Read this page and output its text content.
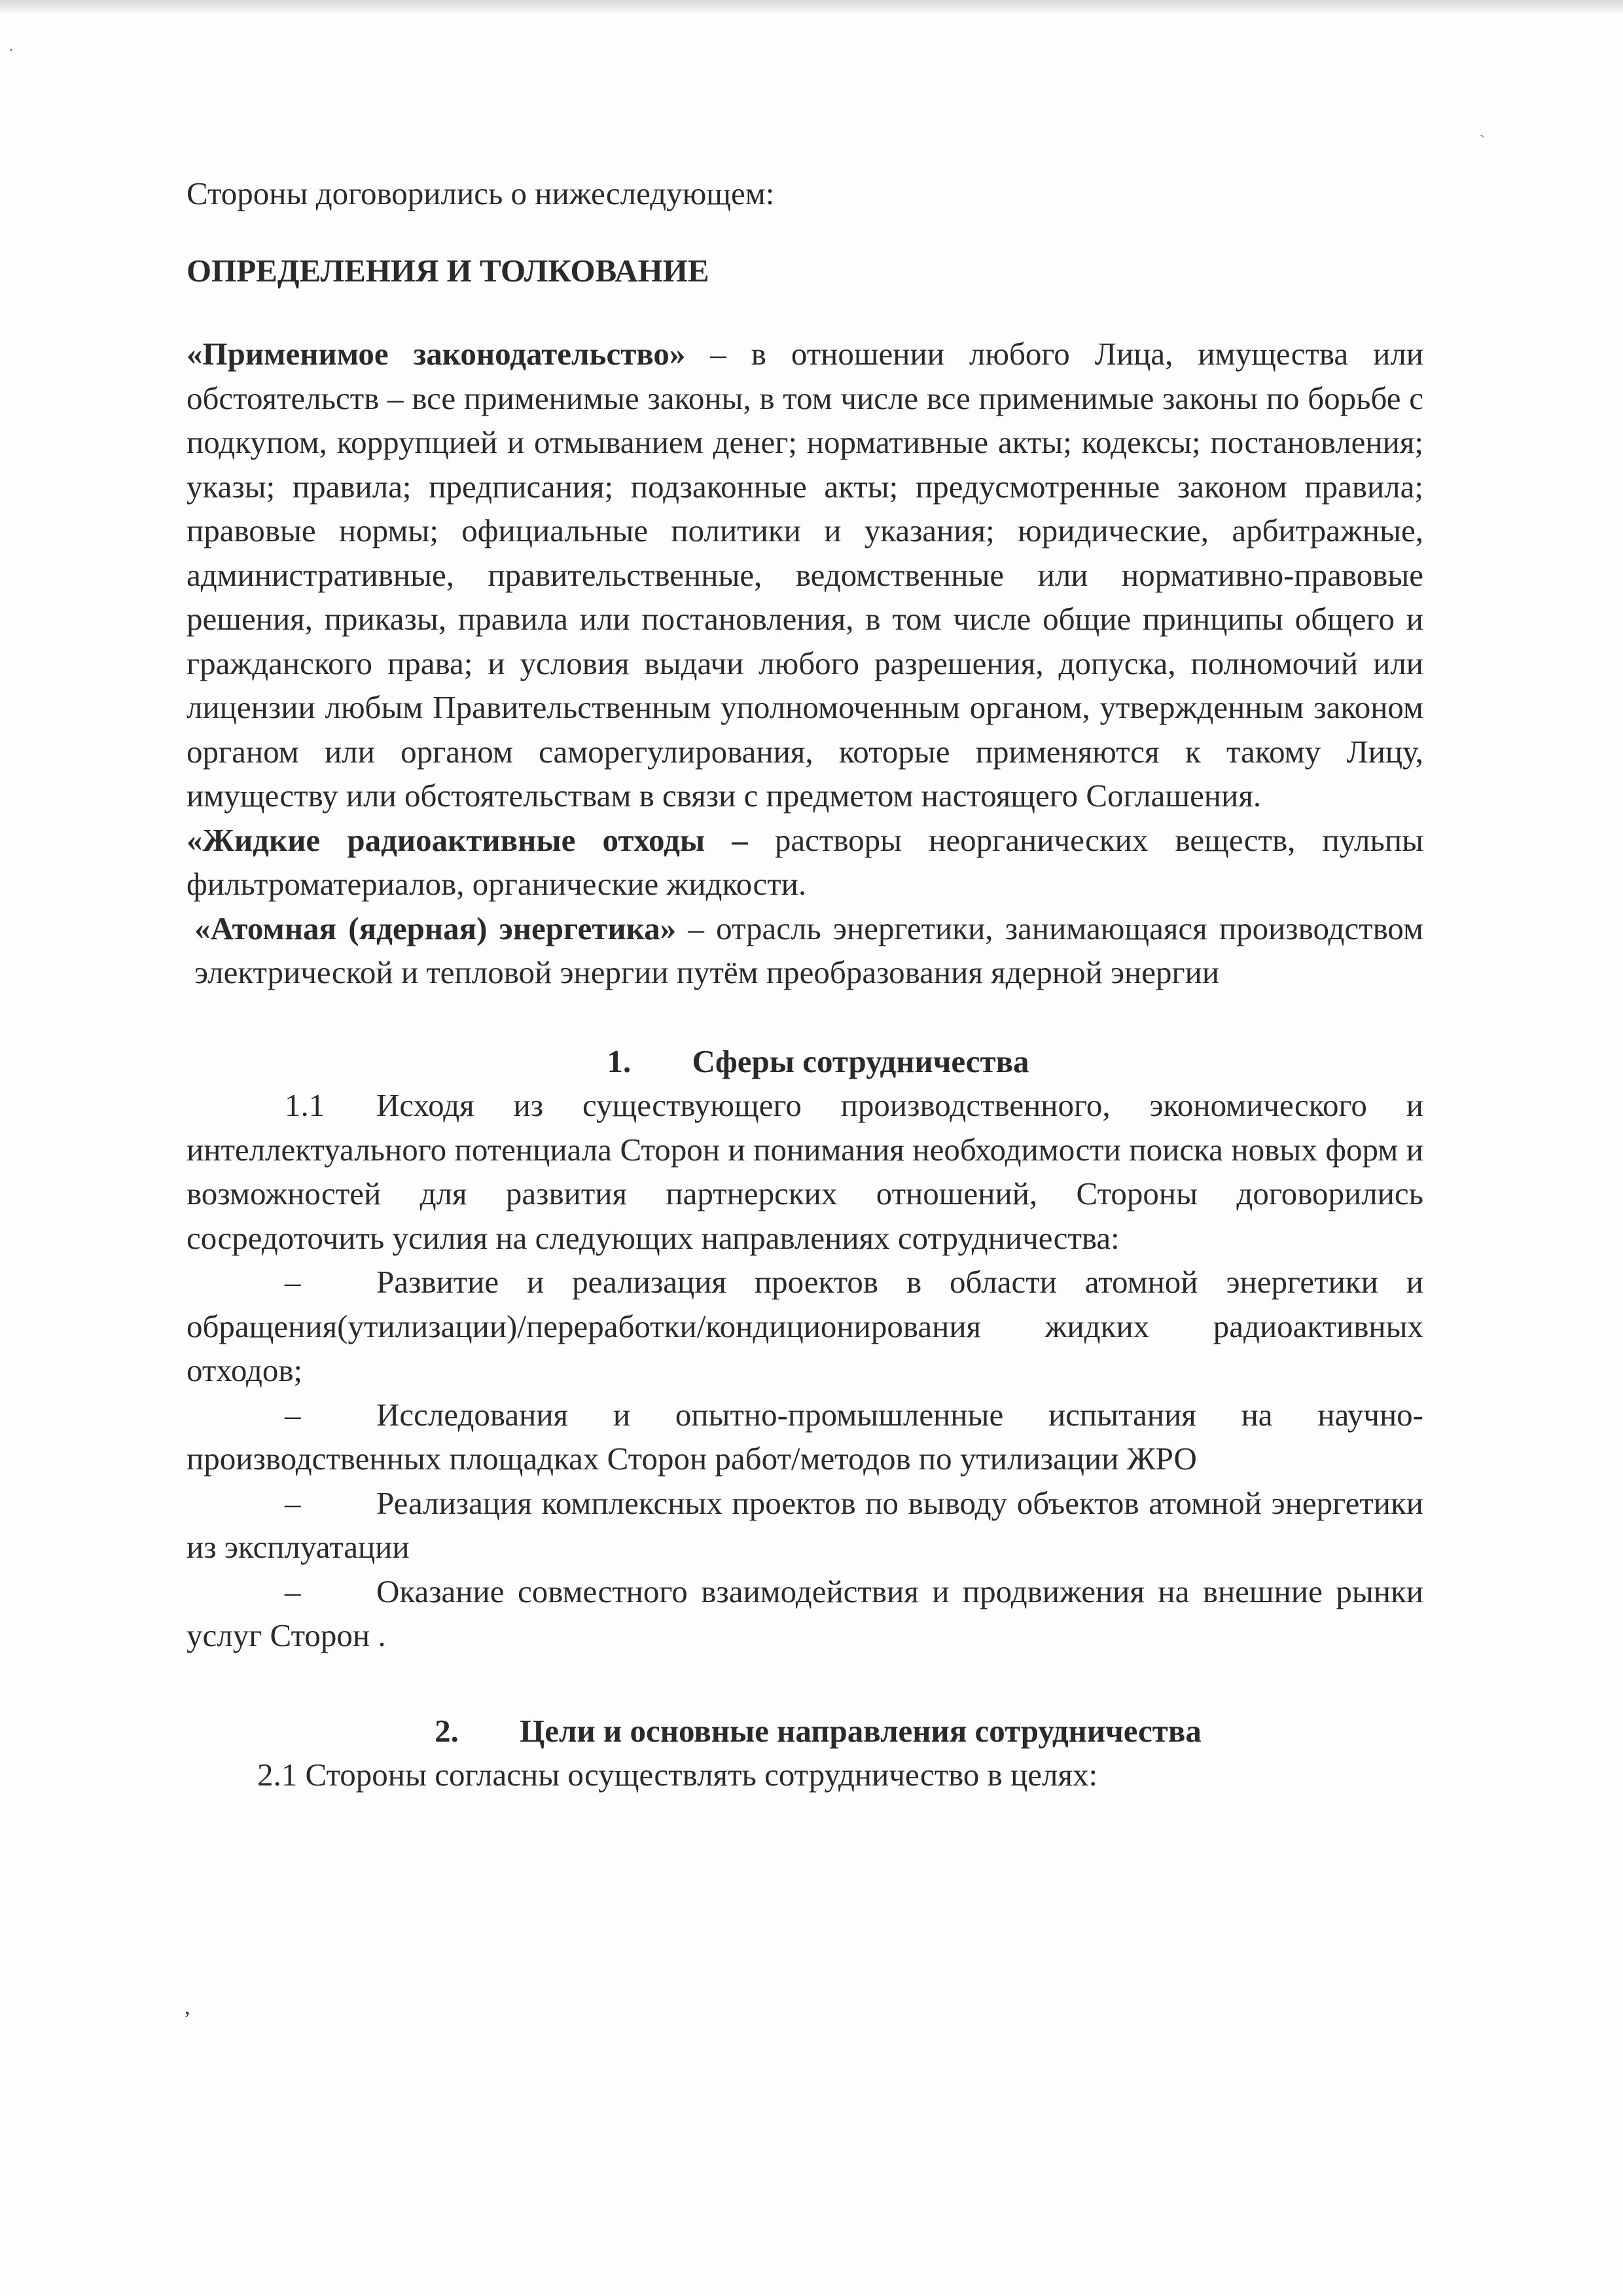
·
ˎ
,

Стороны договорились о нижеследующем:

ОПРЕДЕЛЕНИЯ И ТОЛКОВАНИЕ

«Применимое законодательство» – в отношении любого Лица, имущества или обстоятельств – все применимые законы, в том числе все применимые законы по борьбе с подкупом, коррупцией и отмыванием денег; нормативные акты; кодексы; постановления; указы; правила; предписания; подзаконные акты; предусмотренные законом правила; правовые нормы; официальные политики и указания; юридические, арбитражные, административные, правительственные, ведомственные или нормативно-правовые решения, приказы, правила или постановления, в том числе общие принципы общего и гражданского права; и условия выдачи любого разрешения, допуска, полномочий или лицензии любым Правительственным уполномоченным органом, утвержденным законом органом или органом саморегулирования, которые применяются к такому Лицу, имуществу или обстоятельствам в связи с предметом настоящего Соглашения.

«Жидкие радиоактивные отходы – растворы неорганических веществ, пульпы фильтроматериалов, органические жидкости.

«Атомная (ядерная) энергетика» – отрасль энергетики, занимающаяся производством электрической и тепловой энергии путём преобразования ядерной энергии

1. Сферы сотрудничества

1.1 Исходя из существующего производственного, экономического и интеллектуального потенциала Сторон и понимания необходимости поиска новых форм и возможностей для развития партнерских отношений, Стороны договорились сосредоточить усилия на следующих направлениях сотрудничества:

– Развитие и реализация проектов в области атомной энергетики и обращения(утилизации)/переработки/кондиционирования жидких радиоактивных отходов;

– Исследования и опытно-промышленные испытания на научно-производственных площадках Сторон работ/методов по утилизации ЖРО

– Реализация комплексных проектов по выводу объектов атомной энергетики из эксплуатации

– Оказание совместного взаимодействия и продвижения на внешние рынки услуг Сторон .

2. Цели и основные направления сотрудничества

2.1 Стороны согласны осуществлять сотрудничество в целях:
